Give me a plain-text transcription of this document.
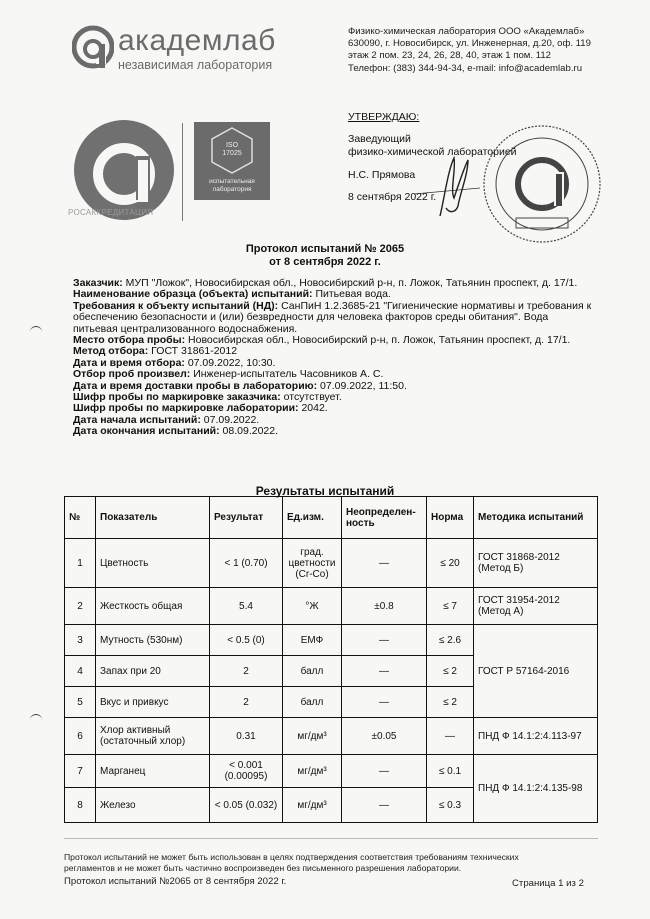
академлаб
независимая лаборатория
Физико-химическая лаборатория ООО «Академлаб»
630090, г. Новосибирск, ул. Инженерная, д.20, оф. 119
этаж 2 пом. 23, 24, 26, 28, 40, этаж 1 пом. 112
Телефон: (383) 344-94-34, e-mail: info@academlab.ru
РОСАККРЕДИТАЦИЯ
ISO
17025
испытательная
лаборатория
УТВЕРЖДАЮ:
Заведующий
физико-химической лабораторией
Н.С. Прямова
8 сентября 2022 г.
Протокол испытаний № 2065
от 8 сентября 2022 г.

Заказчик: МУП "Ложок", Новосибирская обл., Новосибирский р-н, п. Ложок, Татьянин проспект, д. 17/1.

Наименование образца (объекта) испытаний: Питьевая вода.

Требования к объекту испытаний (НД): СанПиН 1.2.3685-21 "Гигиенические нормативы и требования к обеспечению безопасности и (или) безвредности для человека факторов среды обитания". Вода питьевая централизованного водоснабжения.

Место отбора пробы: Новосибирская обл., Новосибирский р-н, п. Ложок, Татьянин проспект, д. 17/1.

Метод отбора: ГОСТ 31861-2012

Дата и время отбора: 07.09.2022, 10:30.

Отбор проб произвел: Инженер-испытатель Часовников А. С.

Дата и время доставки пробы в лабораторию: 07.09.2022, 11:50.

Шифр пробы по маркировке заказчика: отсутствует.

Шифр пробы по маркировке лаборатории: 2042.

Дата начала испытаний: 07.09.2022.

Дата окончания испытаний: 08.09.2022.

Результаты испытаний
№	Показатель	Результат	Ед.изм.	Неопределен-ность	Норма	Методика испытаний
1	Цветность	< 1 (0.70)	град. цветности (Cr-Co)	—	≤ 20	ГОСТ 31868-2012 (Метод Б)
2	Жесткость общая	5.4	°Ж	±0.8	≤ 7	ГОСТ 31954-2012 (Метод А)
3	Мутность (530нм)	< 0.5 (0)	ЕМФ	—	≤ 2.6	ГОСТ Р 57164-2016
4	Запах при 20	2	балл	—	≤ 2	
5	Вкус и привкус	2	балл	—	≤ 2	
6	Хлор активный (остаточный хлор)	0.31	мг/дм³	±0.05	—	ПНД Ф 14.1:2:4.113-97
7	Марганец	< 0.001 (0.00095)	мг/дм³	—	≤ 0.1	ПНД Ф 14.1:2:4.135-98
8	Железо	< 0.05 (0.032)	мг/дм³	—	≤ 0.3	
Протокол испытаний не может быть использован в целях подтверждения соответствия требованиям технических регламентов и не может быть частично воспроизведен без письменного разрешения лаборатории.
Протокол испытаний №2065 от 8 сентября 2022 г.	Страница 1 из 2
